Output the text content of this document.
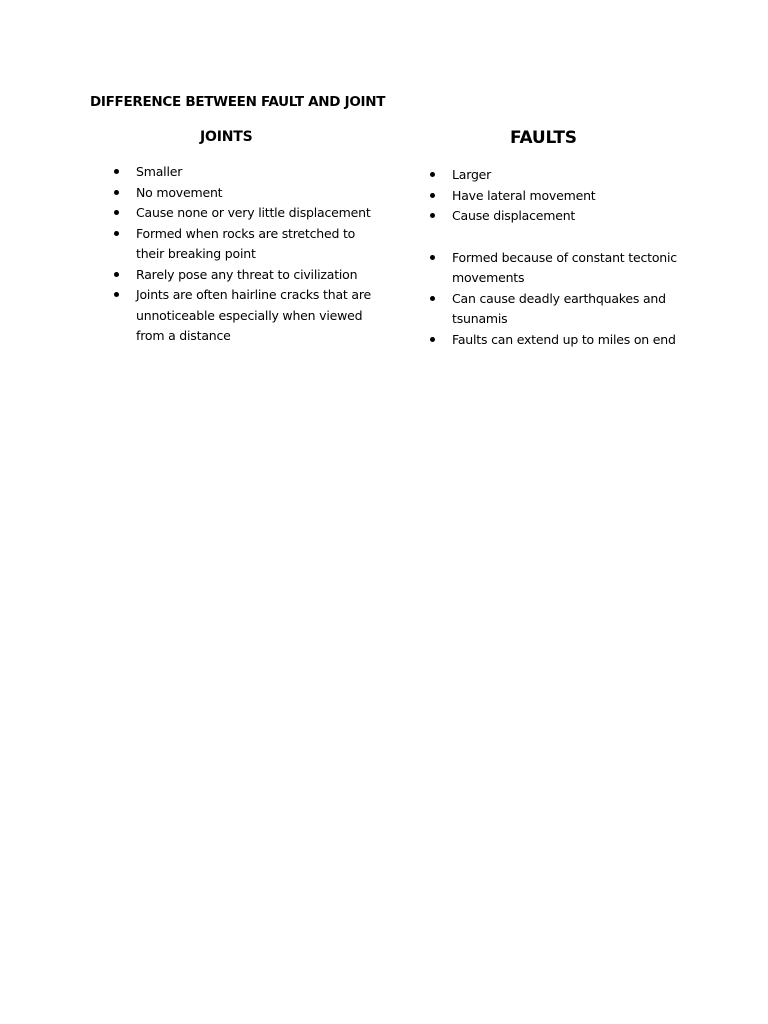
DIFFERENCE BETWEEN FAULT AND JOINT
JOINTS	FAULTS
Smaller
No movement
Cause none or very little displacement
Formed when rocks are stretched to their breaking point
Rarely pose any threat to civilization
Joints are often hairline cracks that are unnoticeable especially when viewed from a distance
Larger
Have lateral movement
Cause displacement
Formed because of constant tectonic movements
Can cause deadly earthquakes and tsunamis
Faults can extend up to miles on end
